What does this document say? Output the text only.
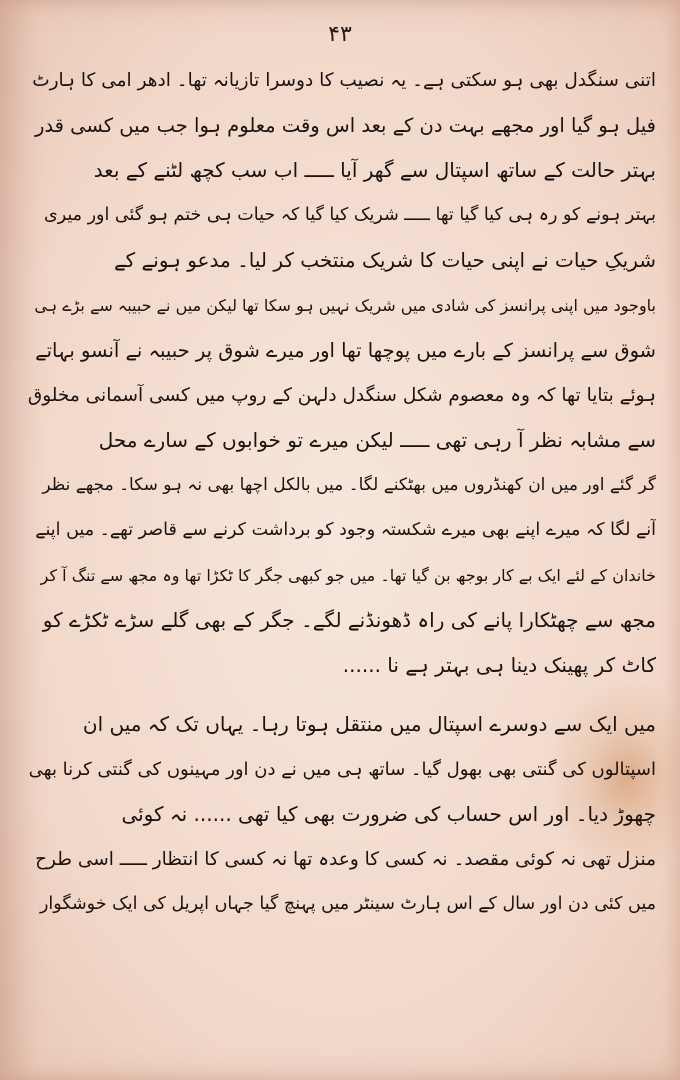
۴۳
اتنی سنگدل بھی ہو سکتی ہے۔ یہ نصیب کا دوسرا تازیانہ تھا۔ ادھر امی کا ہارٹ
فیل ہو گیا اور مجھے بہت دن کے بعد اس وقت معلوم ہوا جب میں کسی قدر
بہتر حالت کے ساتھ اسپتال سے گھر آیا ـــــ اب سب کچھ لٹنے کے بعد
بہتر ہونے کو رہ ہی کیا گیا تھا ـــــ شریک کیا گیا کہ حیات ہی ختم ہو گئی اور میری
شریکِ حیات نے اپنی حیات کا شریک منتخب کر لیا۔ مدعو ہونے کے
باوجود میں اپنی پرانسز کی شادی میں شریک نہیں ہو سکا تھا لیکن میں نے حبیبہ سے بڑے ہی
شوق سے پرانسز کے بارے میں پوچھا تھا اور میرے شوق پر حبیبہ نے آنسو بہاتے
ہوئے بتایا تھا کہ وہ معصوم شکل سنگدل دلہن کے روپ میں کسی آسمانی مخلوق
سے مشابہ نظر آ رہی تھی ـــــ لیکن میرے تو خوابوں کے سارے محل
گر گئے اور میں ان کھنڈروں میں بھٹکنے لگا۔ میں بالکل اچھا بھی نہ ہو سکا۔ مجھے نظر
آنے لگا کہ میرے اپنے بھی میرے شکستہ وجود کو برداشت کرنے سے قاصر تھے۔ میں اپنے
خاندان کے لئے ایک بے کار بوجھ بن گیا تھا۔ میں جو کبھی جگر کا ٹکڑا تھا وہ مجھ سے تنگ آ کر
مجھ سے چھٹکارا پانے کی راہ ڈھونڈنے لگے۔ جگر کے بھی گلے سڑے ٹکڑے کو
کاٹ کر پھینک دینا ہی بہتر ہے نا ......
میں ایک سے دوسرے اسپتال میں منتقل ہوتا رہا۔ یہاں تک کہ میں ان
اسپتالوں کی گنتی بھی بھول گیا۔ ساتھ ہی میں نے دن اور مہینوں کی گنتی کرنا بھی
چھوڑ دیا۔ اور اس حساب کی ضرورت بھی کیا تھی ...... نہ کوئی
منزل تھی نہ کوئی مقصد۔ نہ کسی کا وعدہ تھا نہ کسی کا انتظار ـــــ اسی طرح
میں کئی دن اور سال کے اس ہارٹ سینٹر میں پہنچ گیا جہاں اپریل کی ایک خوشگوار
